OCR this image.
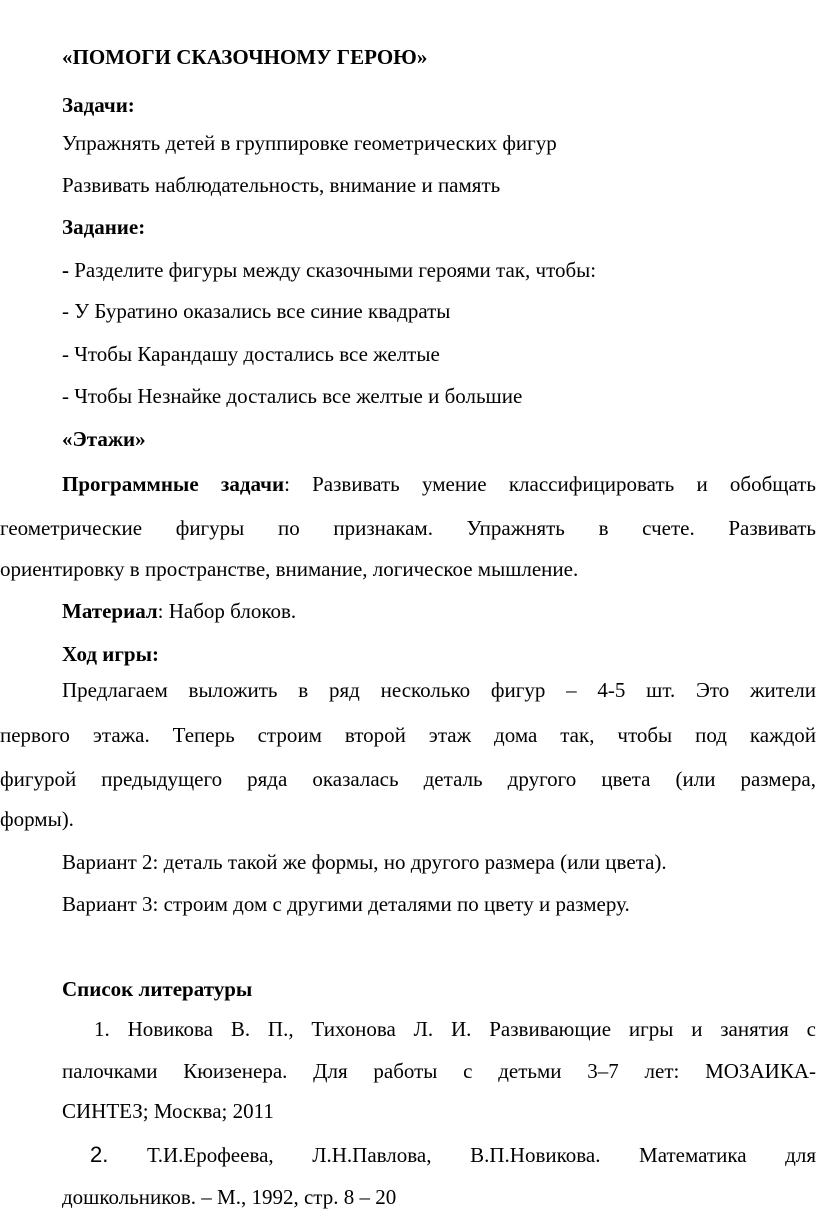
«ПОМОГИ СКАЗОЧНОМУ ГЕРОЮ»
Задачи:
Упражнять детей в группировке геометрических фигур
Развивать наблюдательность, внимание и память
Задание:
- Разделите фигуры между сказочными героями так, чтобы:
- У Буратино оказались все синие квадраты
- Чтобы Карандашу достались все желтые
- Чтобы Незнайке достались все желтые и большие
«Этажи»
Программные задачи: Развивать умение классифицировать и обобщать
геометрические фигуры по признакам. Упражнять в счете. Развивать
ориентировку в пространстве, внимание, логическое мышление.
Материал: Набор блоков.
Ход игры:
Предлагаем выложить в ряд несколько фигур – 4-5 шт. Это жители
первого этажа. Теперь строим второй этаж дома так, чтобы под каждой
фигурой предыдущего ряда оказалась деталь другого цвета (или размера,
формы).
Вариант 2: деталь такой же формы, но другого размера (или цвета).
Вариант 3: строим дом с другими деталями по цвету и размеру.
Список литературы
1. Новикова В. П., Тихонова Л. И. Развивающие игры и занятия с
палочками Кюизенера. Для работы с детьми 3–7 лет: МОЗАИКА-
СИНТЕЗ; Москва; 2011
2. Т.И.Ерофеева, Л.Н.Павлова, В.П.Новикова. Математика для
дошкольников. – М., 1992, стр. 8 – 20
